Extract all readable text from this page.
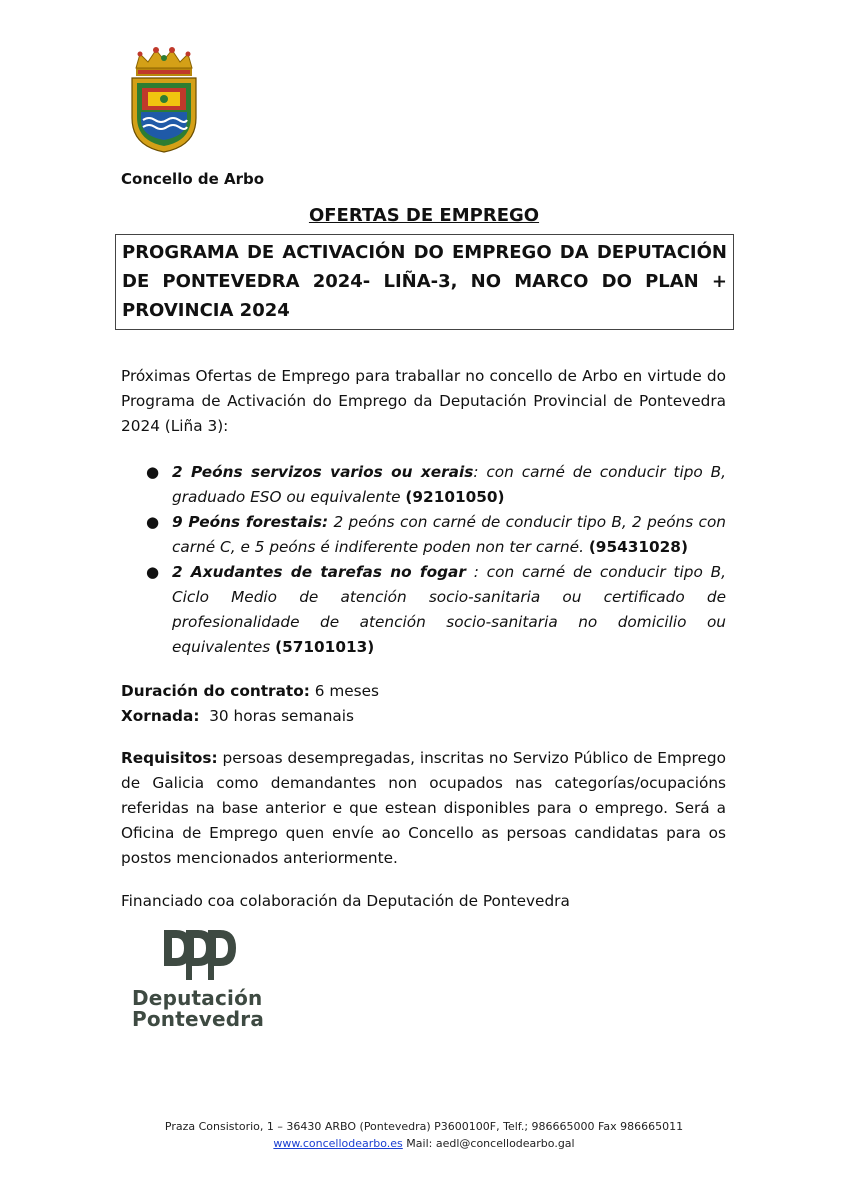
Concello de Arbo
OFERTAS DE EMPREGO
PROGRAMA DE ACTIVACIÓN DO EMPREGO DA DEPUTACIÓN DE PONTEVEDRA 2024- LIÑA-3, NO MARCO DO PLAN + PROVINCIA 2024
Próximas Ofertas de Emprego para traballar no concello de Arbo en virtude do Programa de Activación do Emprego da Deputación Provincial de Pontevedra 2024 (Liña 3):
● 2 Peóns servizos varios ou xerais: con carné de conducir tipo B, graduado ESO ou equivalente (92101050)
● 9 Peóns forestais: 2 peóns con carné de conducir tipo B, 2 peóns con carné C, e 5 peóns é indiferente poden non ter carné. (95431028)
● 2 Axudantes de tarefas no fogar : con carné de conducir tipo B, Ciclo Medio de atención socio-sanitaria ou certificado de profesionalidade de atención socio-sanitaria no domicilio ou equivalentes (57101013)
Duración do contrato: 6 meses
Xornada: 30 horas semanais
Requisitos: persoas desempregadas, inscritas no Servizo Público de Emprego de Galicia como demandantes non ocupados nas categorías/ocupacións referidas na base anterior e que estean disponibles para o emprego. Será a Oficina de Emprego quen envíe ao Concello as persoas candidatas para os postos mencionados anteriormente.
Financiado coa colaboración da Deputación de Pontevedra
Deputación
Pontevedra
Praza Consistorio, 1 – 36430 ARBO (Pontevedra) P3600100F, Telf.; 986665000 Fax 986665011
www.concellodearbo.es Mail: aedl@concellodearbo.gal
